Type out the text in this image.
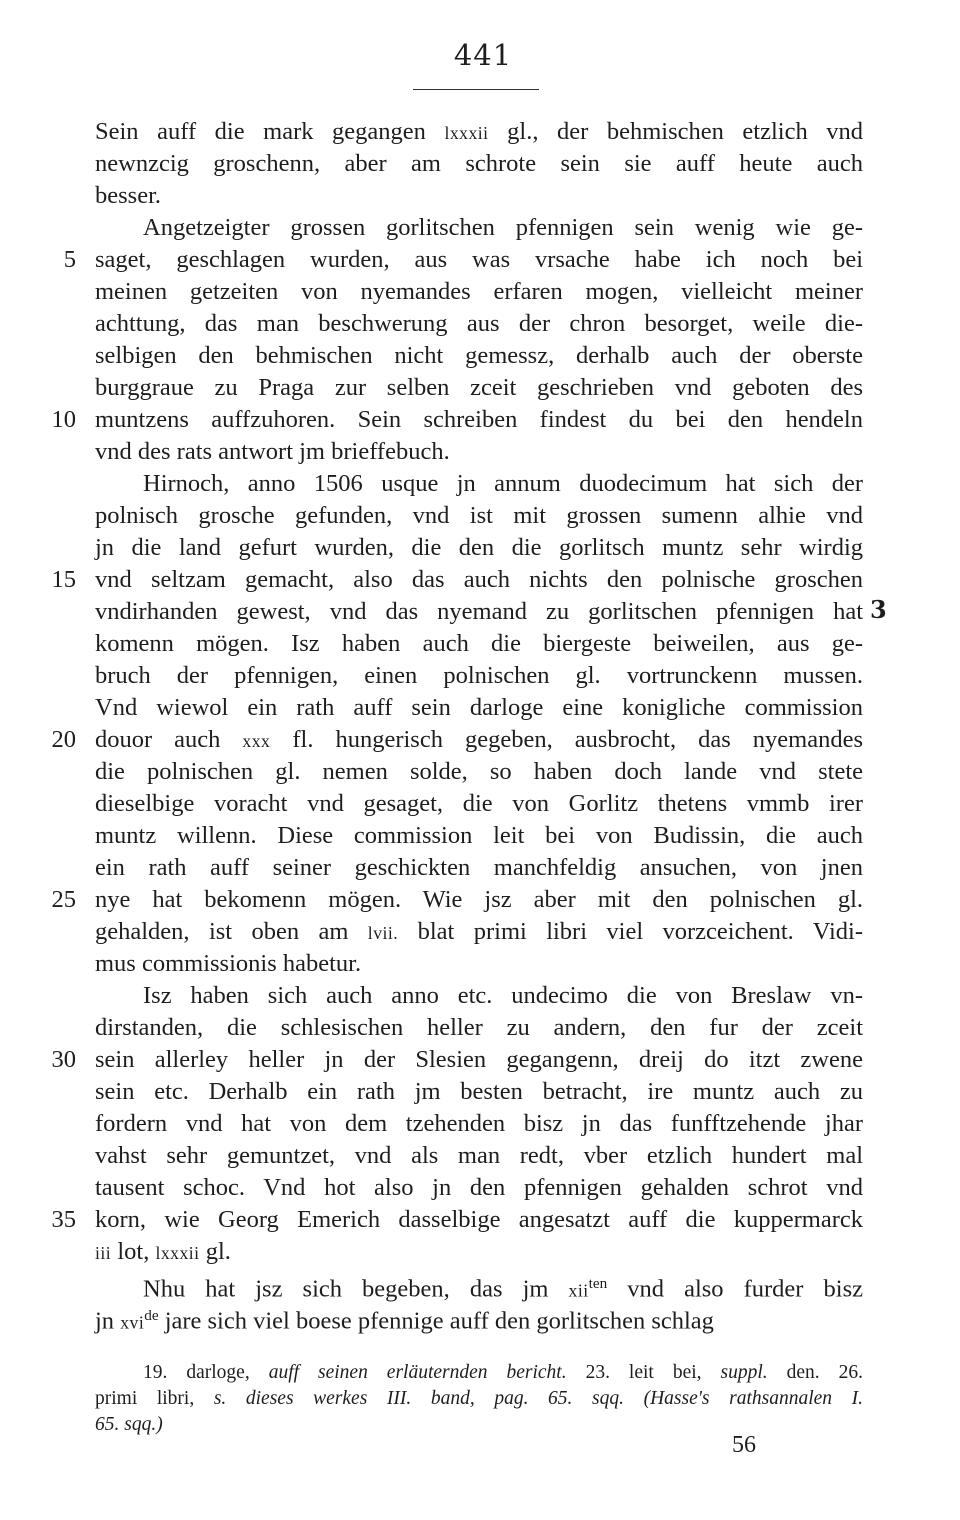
441
Sein auff die mark gegangen lxxxii gl., der behmischen etzlich vnd
newnzcig groschenn, aber am schrote sein sie auff heute auch
besser.
Angetzeigter grossen gorlitschen pfennigen sein wenig wie ge-
saget, geschlagen wurden, aus was vrsache habe ich noch bei
meinen getzeiten von nyemandes erfaren mogen, vielleicht meiner
achttung, das man beschwerung aus der chron besorget, weile die-
selbigen den behmischen nicht gemessz, derhalb auch der oberste
burggraue zu Praga zur selben zceit geschrieben vnd geboten des
muntzens auffzuhoren. Sein schreiben findest du bei den hendeln
vnd des rats antwort jm brieffebuch.
Hirnoch, anno 1506 usque jn annum duodecimum hat sich der
polnisch grosche gefunden, vnd ist mit grossen sumenn alhie vnd
jn die land gefurt wurden, die den die gorlitsch muntz sehr wirdig
vnd seltzam gemacht, also das auch nichts den polnische groschen
vndirhanden gewest, vnd das nyemand zu gorlitschen pfennigen hat
komenn mögen. Isz haben auch die biergeste beiweilen, aus ge-
bruch der pfennigen, einen polnischen gl. vortrunckenn mussen.
Vnd wiewol ein rath auff sein darloge eine konigliche commission
douor auch xxx fl. hungerisch gegeben, ausbrocht, das nyemandes
die polnischen gl. nemen solde, so haben doch lande vnd stete
dieselbige voracht vnd gesaget, die von Gorlitz thetens vmmb irer
muntz willenn. Diese commission leit bei von Budissin, die auch
ein rath auff seiner geschickten manchfeldig ansuchen, von jnen
nye hat bekomenn mögen. Wie jsz aber mit den polnischen gl.
gehalden, ist oben am lvii. blat primi libri viel vorzceichent. Vidi-
mus commissionis habetur.
Isz haben sich auch anno etc. undecimo die von Breslaw vn-
dirstanden, die schlesischen heller zu andern, den fur der zceit
sein allerley heller jn der Slesien gegangenn, dreij do itzt zwene
sein etc. Derhalb ein rath jm besten betracht, ire muntz auch zu
fordern vnd hat von dem tzehenden bisz jn das funfftzehende jhar
vahst sehr gemuntzet, vnd als man redt, vber etzlich hundert mal
tausent schoc. Vnd hot also jn den pfennigen gehalden schrot vnd
korn, wie Georg Emerich dasselbige angesatzt auff die kuppermarck
iii lot, lxxxii gl.
Nhu hat jsz sich begeben, das jm xii$^{ten}$ vnd also furder bisz
jn xvi$^{de}$ jare sich viel boese pfennige auff den gorlitschen schlag
5
10
15
20
25
30
35
3
19. darloge, auff seinen erläuternden bericht. 23. leit bei, suppl. den. 26.
primi libri, s. dieses werkes III. band, pag. 65. sqq. (Hasse's rathsannalen I.
65. sqq.)
56
